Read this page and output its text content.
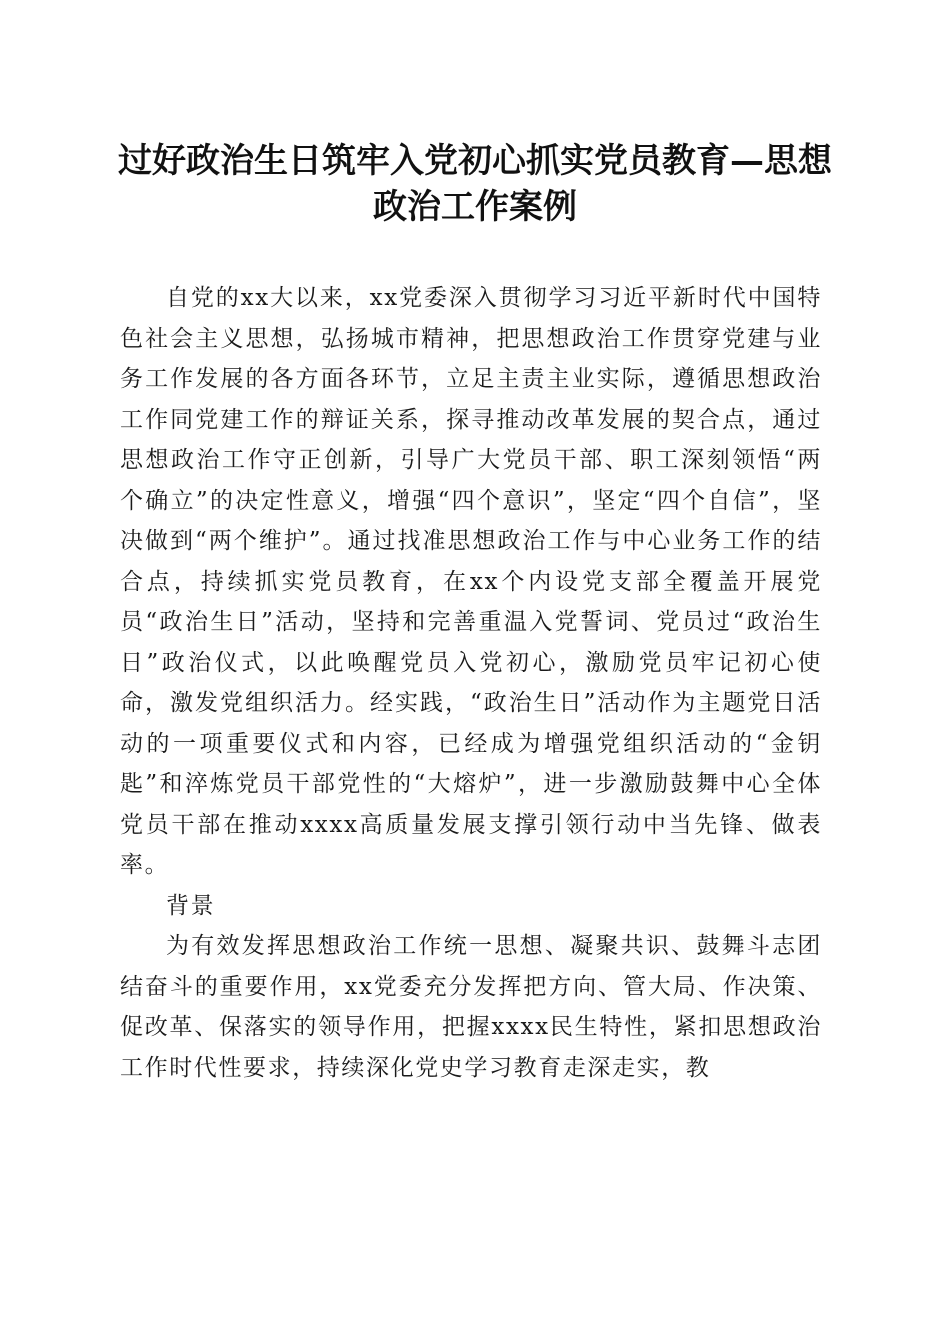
过好政治生日筑牢入党初心抓实党员教育—思想政治工作案例

自党的xx大以来，xx党委深入贯彻学习习近平新时代中国特色社会主义思想，弘扬城市精神，把思想政治工作贯穿党建与业务工作发展的各方面各环节，立足主责主业实际，遵循思想政治工作同党建工作的辩证关系，探寻推动改革发展的契合点，通过思想政治工作守正创新，引导广大党员干部、职工深刻领悟“两个确立”的决定性意义，增强“四个意识”，坚定“四个自信”，坚决做到“两个维护”。通过找准思想政治工作与中心业务工作的结合点，持续抓实党员教育，在xx个内设党支部全覆盖开展党员“政治生日”活动，坚持和完善重温入党誓词、党员过“政治生日”政治仪式，以此唤醒党员入党初心，激励党员牢记初心使命，激发党组织活力。经实践，“政治生日”活动作为主题党日活动的一项重要仪式和内容，已经成为增强党组织活动的“金钥匙”和淬炼党员干部党性的“大熔炉”，进一步激励鼓舞中心全体党员干部在推动xxxx高质量发展支撑引领行动中当先锋、做表率。

背景

为有效发挥思想政治工作统一思想、凝聚共识、鼓舞斗志团结奋斗的重要作用，xx党委充分发挥把方向、管大局、作决策、促改革、保落实的领导作用，把握xxxx民生特性，紧扣思想政治工作时代性要求，持续深化党史学习教育走深走实，教
